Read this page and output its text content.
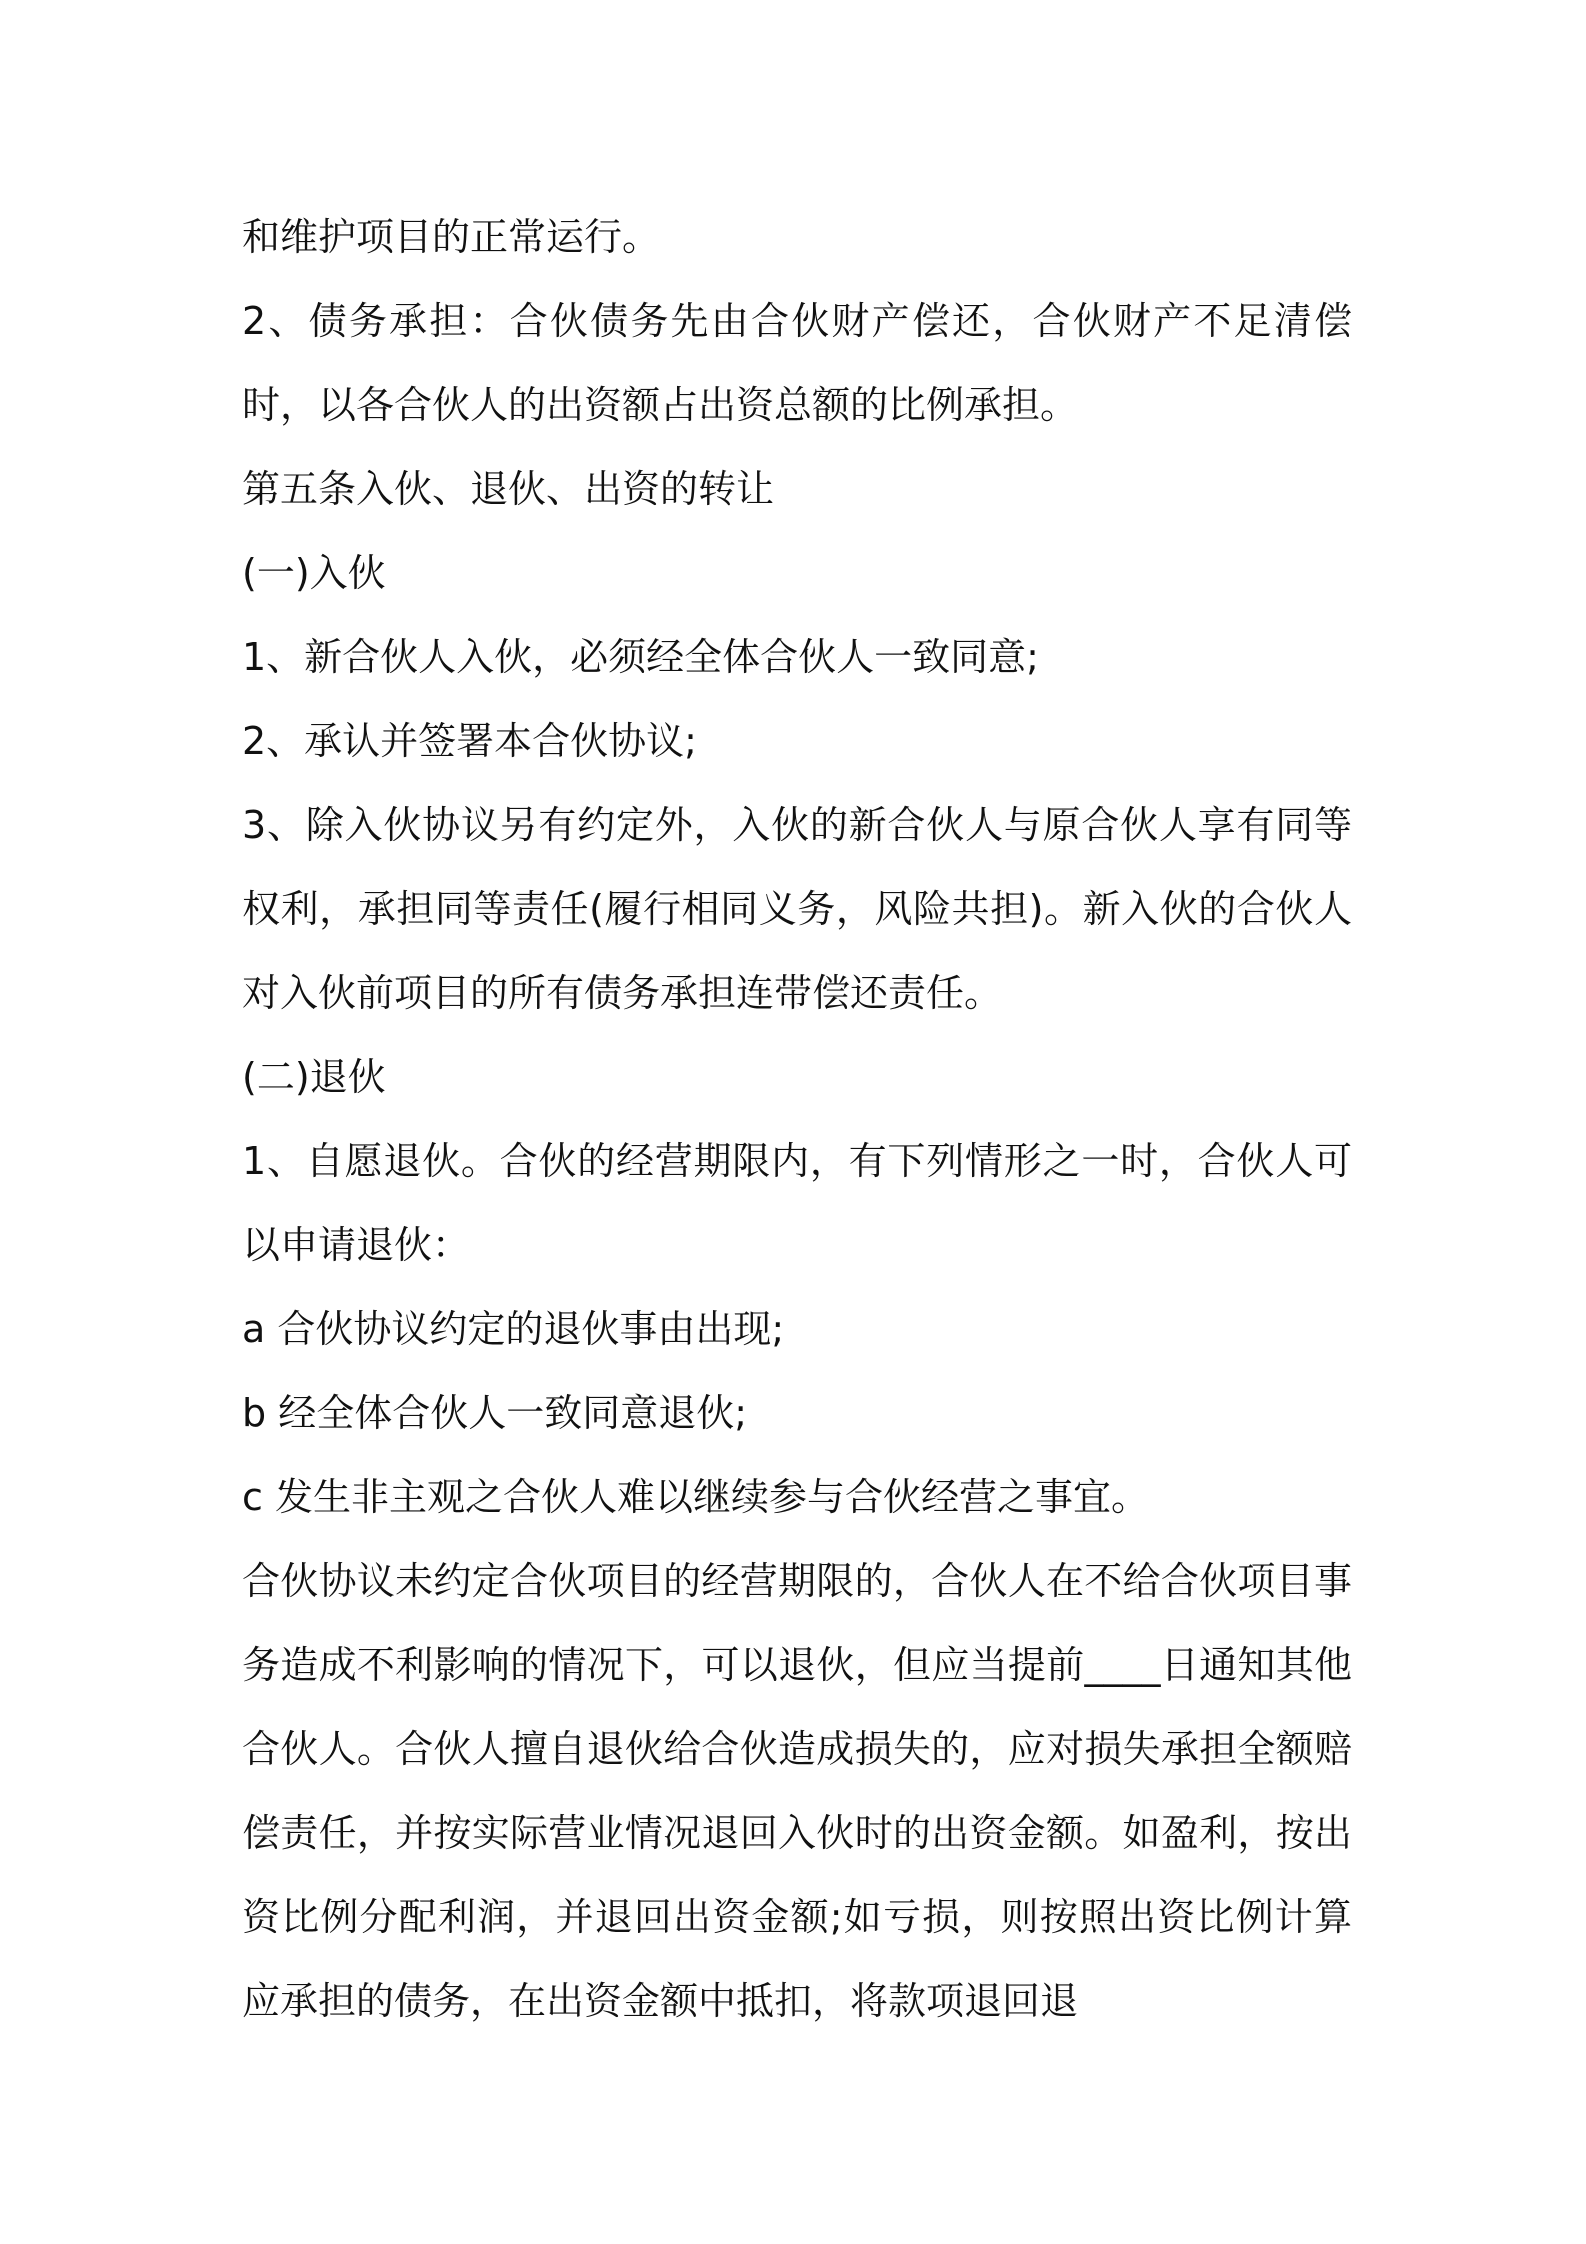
和维护项目的正常运行。

2、债务承担：合伙债务先由合伙财产偿还，合伙财产不足清偿时，以各合伙人的出资额占出资总额的比例承担。

第五条入伙、退伙、出资的转让

(一)入伙

1、新合伙人入伙，必须经全体合伙人一致同意;

2、承认并签署本合伙协议;

3、除入伙协议另有约定外，入伙的新合伙人与原合伙人享有同等权利，承担同等责任(履行相同义务，风险共担)。新入伙的合伙人对入伙前项目的所有债务承担连带偿还责任。

(二)退伙

1、自愿退伙。合伙的经营期限内，有下列情形之一时，合伙人可以申请退伙：

a 合伙协议约定的退伙事由出现;

b 经全体合伙人一致同意退伙;

c 发生非主观之合伙人难以继续参与合伙经营之事宜。

合伙协议未约定合伙项目的经营期限的，合伙人在不给合伙项目事务造成不利影响的情况下，可以退伙，但应当提前____日通知其他合伙人。合伙人擅自退伙给合伙造成损失的，应对损失承担全额赔偿责任，并按实际营业情况退回入伙时的出资金额。如盈利，按出资比例分配利润，并退回出资金额;如亏损，则按照出资比例计算应承担的债务，在出资金额中抵扣，将款项退回退
